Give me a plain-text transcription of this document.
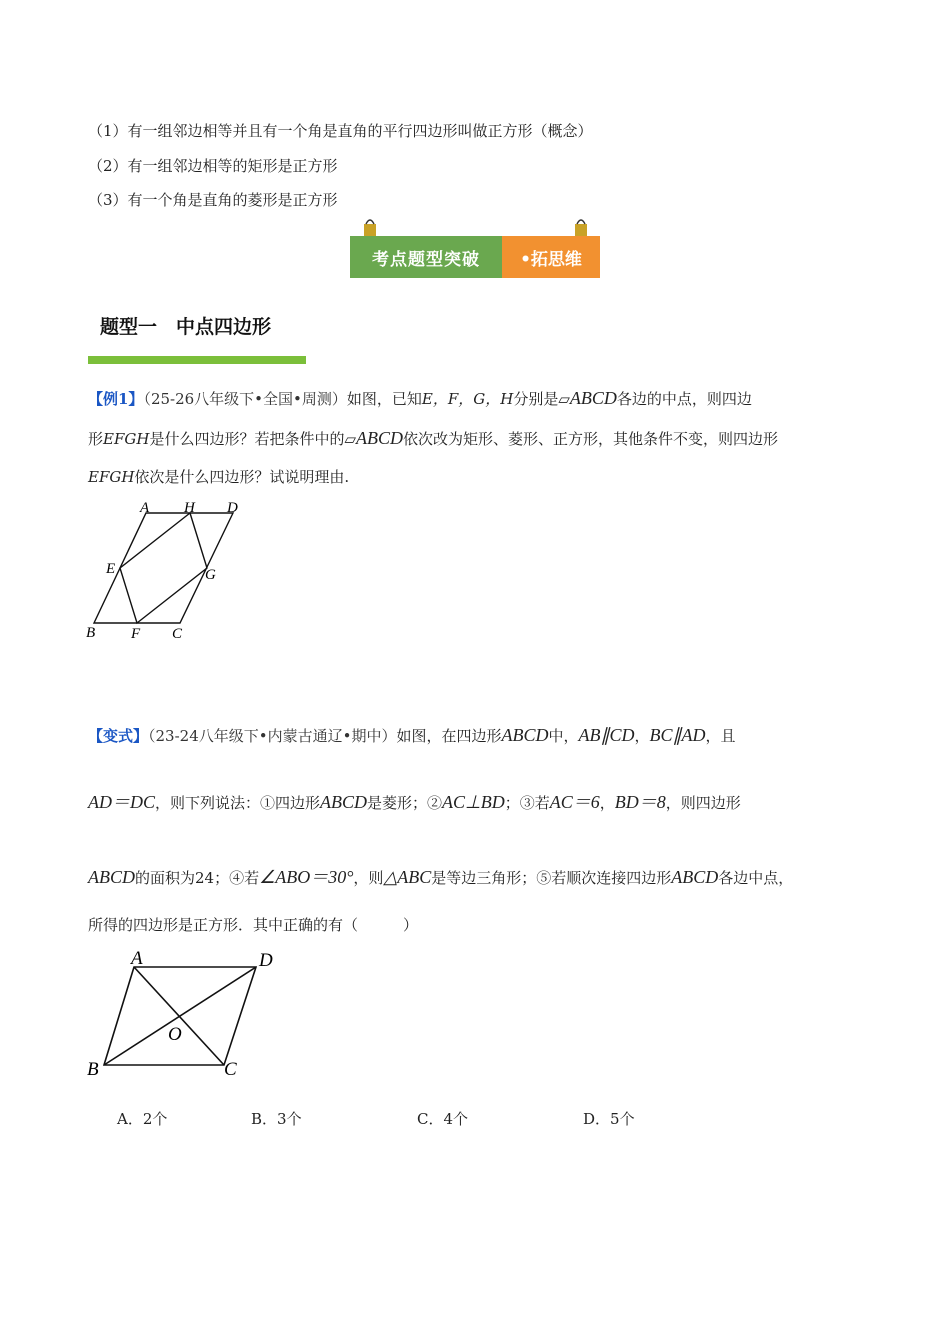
（1）有一组邻边相等并且有一个角是直角的平行四边形叫做正方形（概念）
（2）有一组邻边相等的矩形是正方形
（3）有一个角是直角的菱形是正方形
考点题型突破	•拓思维
题型一　中点四边形
【例1】（25-26八年级下•全国•周测）如图，已知E，F，G，H分别是▱ABCD各边的中点，则四边
形EFGH是什么四边形？若把条件中的▱ABCD依次改为矩形、菱形、正方形，其他条件不变，则四边形
EFGH依次是什么四边形？试说明理由.
A H D
E	G
B F C
【变式】（23-24八年级下•内蒙古通辽•期中）如图，在四边形ABCD中，AB∥CD，BC∥AD，且
AD＝DC，则下列说法：①四边形ABCD是菱形；②AC⊥BD；③若AC＝6，BD＝8，则四边形
ABCD的面积为24；④若∠ABO＝30°，则△ABC是等边三角形；⑤若顺次连接四边形ABCD各边中点，
所得的四边形是正方形．其中正确的有（　　　）
A	D
O
B	C
A．2个	B．3个	C．4个	D．5个
